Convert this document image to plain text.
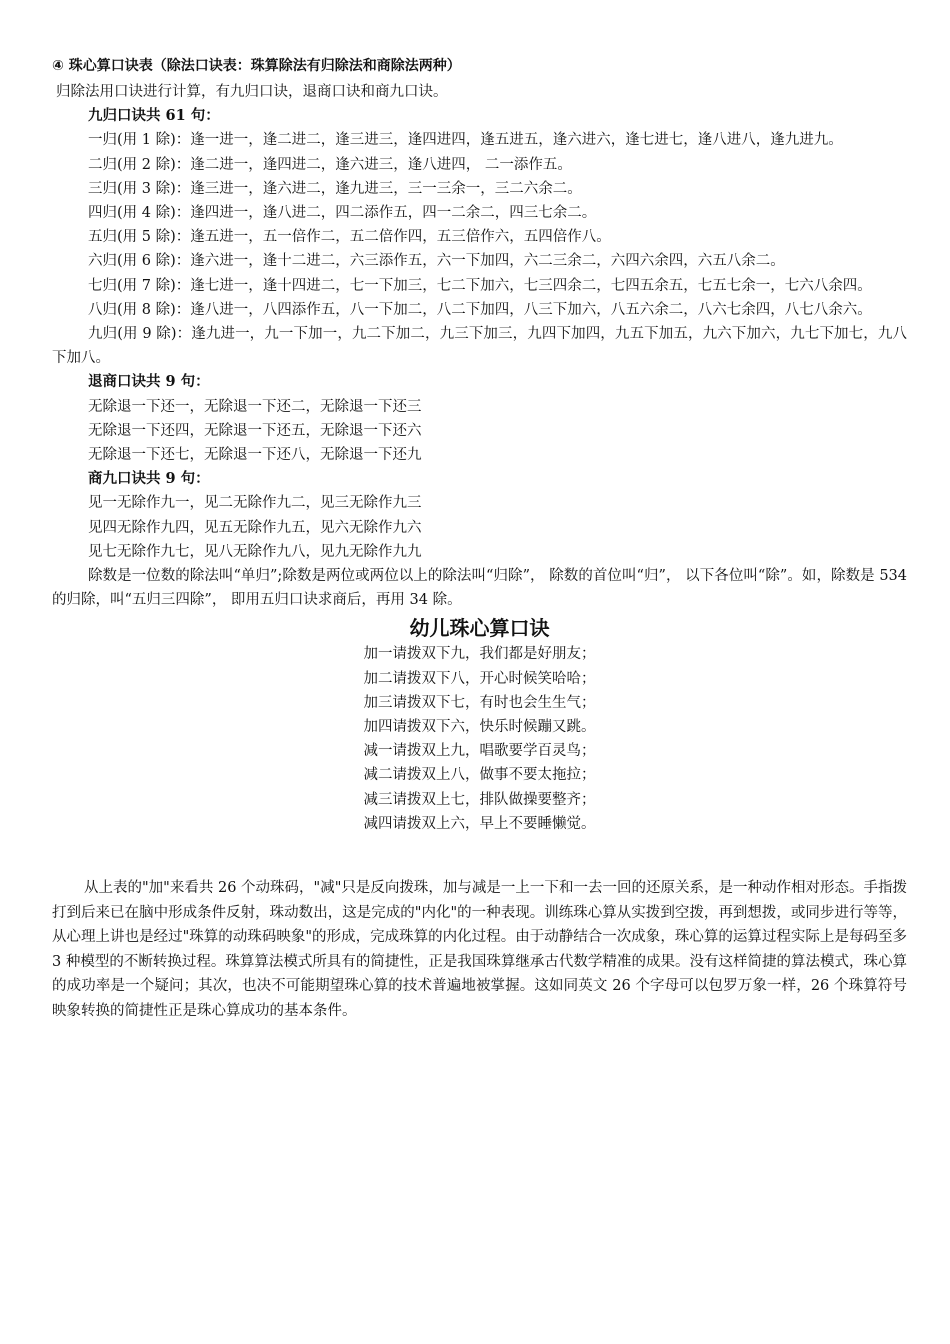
④ 珠心算口诀表（除法口诀表：珠算除法有归除法和商除法两种）
归除法用口诀进行计算，有九归口诀，退商口诀和商九口诀。
九归口诀共 61 句：
一归(用 1 除)：逢一进一，逢二进二，逢三进三，逢四进四，逢五进五，逢六进六，逢七进七，逢八进八，逢九进九。
二归(用 2 除)：逢二进一，逢四进二，逢六进三，逢八进四， 二一添作五。
三归(用 3 除)：逢三进一，逢六进二，逢九进三，三一三余一，三二六余二。
四归(用 4 除)：逢四进一，逢八进二，四二添作五，四一二余二，四三七余二。
五归(用 5 除)：逢五进一，五一倍作二，五二倍作四，五三倍作六，五四倍作八。
六归(用 6 除)：逢六进一，逢十二进二，六三添作五，六一下加四，六二三余二，六四六余四，六五八余二。
七归(用 7 除)：逢七进一，逢十四进二，七一下加三，七二下加六，七三四余二，七四五余五，七五七余一，七六八余四。
八归(用 8 除)：逢八进一，八四添作五，八一下加二，八二下加四，八三下加六，八五六余二，八六七余四，八七八余六。
九归(用 9 除)：逢九进一，九一下加一，九二下加二，九三下加三，九四下加四，九五下加五，九六下加六，九七下加七，九八下加八。
退商口诀共 9 句：
无除退一下还一，无除退一下还二，无除退一下还三
无除退一下还四，无除退一下还五，无除退一下还六
无除退一下还七，无除退一下还八，无除退一下还九
商九口诀共 9 句：
见一无除作九一，见二无除作九二，见三无除作九三
见四无除作九四，见五无除作九五，见六无除作九六
见七无除作九七，见八无除作九八，见九无除作九九
除数是一位数的除法叫“单归”;除数是两位或两位以上的除法叫“归除”， 除数的首位叫“归”， 以下各位叫“除”。如，除数是 534 的归除，叫“五归三四除”， 即用五归口诀求商后，再用 34 除。
幼儿珠心算口诀
加一请拨双下九，我们都是好朋友；
加二请拨双下八，开心时候笑哈哈；
加三请拨双下七，有时也会生生气；
加四请拨双下六，快乐时候蹦又跳。
减一请拨双上九，唱歌要学百灵鸟；
减二请拨双上八，做事不要太拖拉；
减三请拨双上七，排队做操要整齐；
减四请拨双上六，早上不要睡懒觉。
从上表的"加"来看共 26 个动珠码，"减"只是反向拨珠，加与减是一上一下和一去一回的还原关系，是一种动作相对形态。手指拨打到后来已在脑中形成条件反射，珠动数出，这是完成的"内化"的一种表现。训练珠心算从实拨到空拨，再到想拨，或同步进行等等，从心理上讲也是经过"珠算的动珠码映象"的形成，完成珠算的内化过程。由于动静结合一次成象，珠心算的运算过程实际上是每码至多 3 种模型的不断转换过程。珠算算法模式所具有的简捷性，正是我国珠算继承古代数学精准的成果。没有这样简捷的算法模式，珠心算的成功率是一个疑问；其次，也决不可能期望珠心算的技术普遍地被掌握。这如同英文 26 个字母可以包罗万象一样，26 个珠算符号映象转换的简捷性正是珠心算成功的基本条件。
